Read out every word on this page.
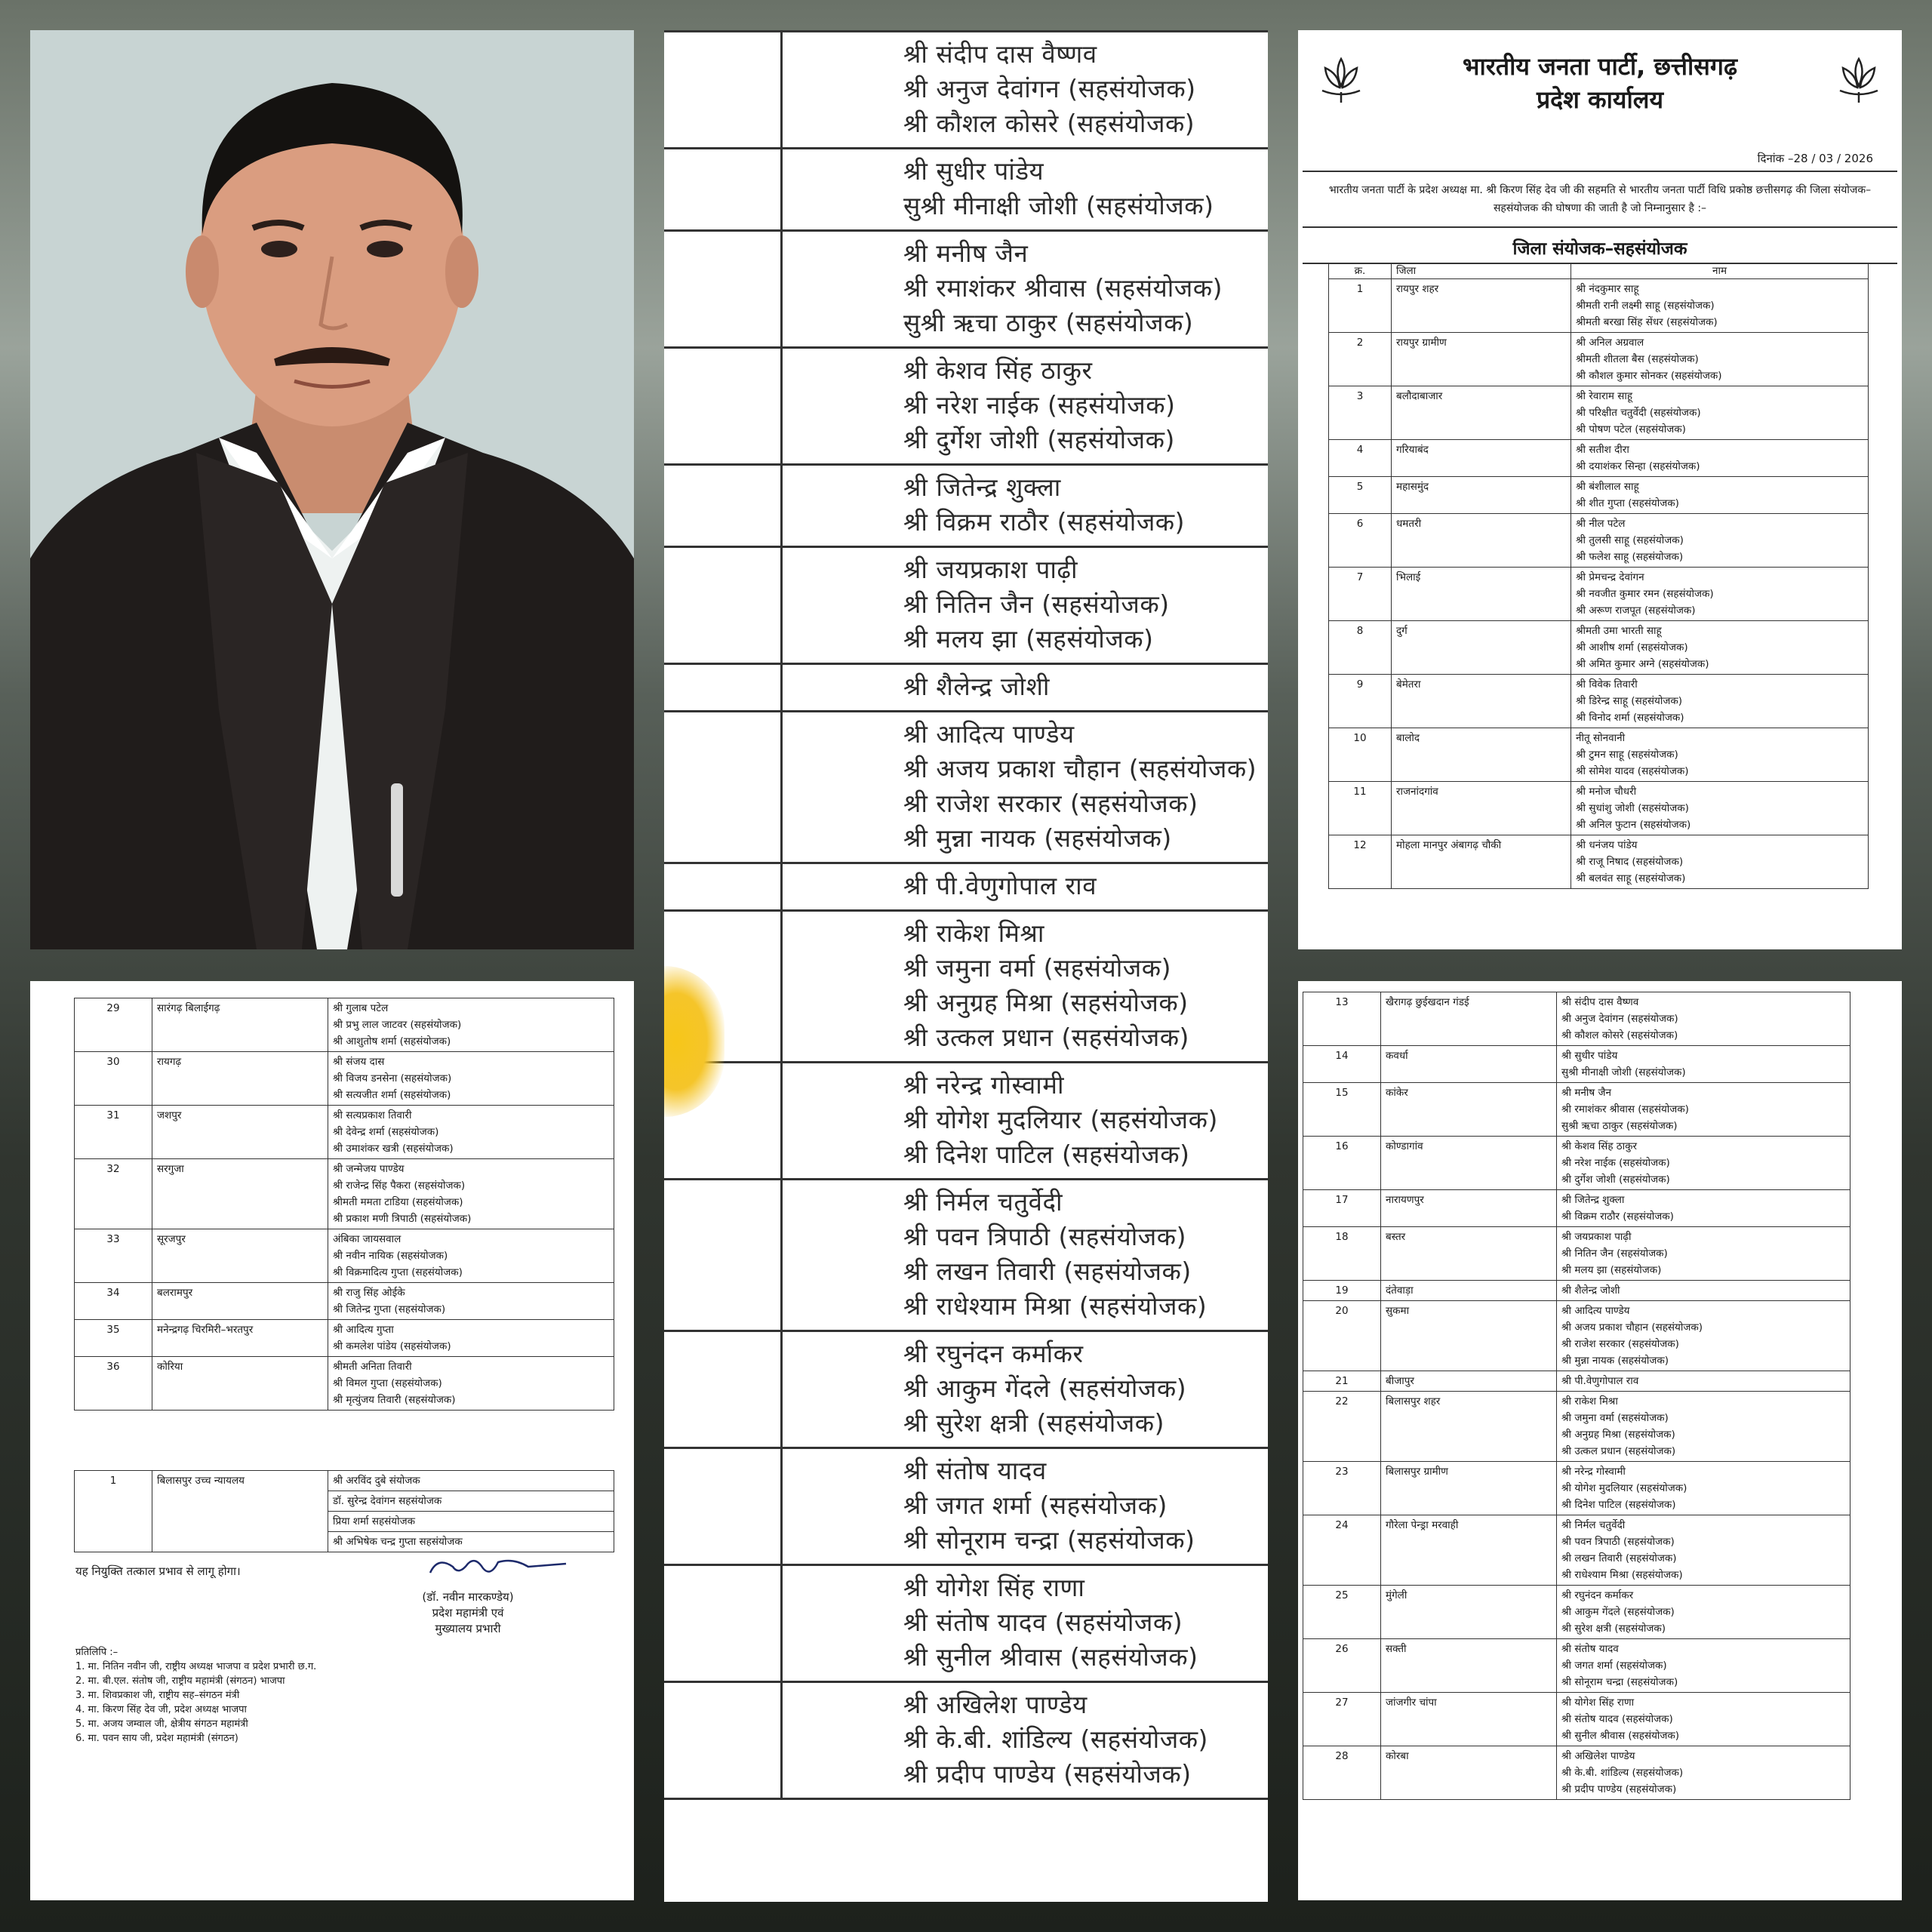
भारतीय जनता पार्टी, छत्तीसगढ़
प्रदेश कार्यालय
दिनांक –28 / 03 / 2026
भारतीय जनता पार्टी के प्रदेश अध्यक्ष मा. श्री किरण सिंह देव जी की सहमति से भारतीय जनता पार्टी विधि प्रकोष्ठ छत्तीसगढ़ की जिला संयोजक–सहसंयोजक की घोषणा की जाती है जो निम्नानुसार है :–
जिला संयोजक–सहसंयोजक
क्र.	जिला	नाम
1	रायपुर शहर	श्री नंदकुमार साहू
श्रीमती रानी लक्ष्मी साहू (सहसंयोजक)
श्रीमती बरखा सिंह सेंधर (सहसंयोजक)

2	रायपुर ग्रामीण	श्री अनिल अग्रवाल
श्रीमती शीतला बैस (सहसंयोजक)
श्री कौशल कुमार सोनकर (सहसंयोजक)

3	बलौदाबाजार	श्री रेवाराम साहू
श्री परिक्षीत चतुर्वेदी (सहसंयोजक)
श्री पोषण पटेल (सहसंयोजक)

4	गरियाबंद	श्री सतीश दीरा
श्री दयाशंकर सिन्हा (सहसंयोजक)

5	महासमुंद	श्री बंशीलाल साहू
श्री शीत गुप्ता (सहसंयोजक)

6	धमतरी	श्री नील पटेल
श्री तुलसी साहू (सहसंयोजक)
श्री फलेश साहू (सहसंयोजक)

7	भिलाई	श्री प्रेमचन्द्र देवांगन
श्री नवजीत कुमार रमन (सहसंयोजक)
श्री अरूण राजपूत (सहसंयोजक)

8	दुर्ग	श्रीमती उमा भारती साहू
श्री आशीष शर्मा (सहसंयोजक)
श्री अमित कुमार अग्ने (सहसंयोजक)

9	बेमेतरा	श्री विवेक तिवारी
श्री डिरेन्द्र साहू (सहसंयोजक)
श्री विनोद शर्मा (सहसंयोजक)

10	बालोद	नीतू सोनवानी
श्री टुमन साहू (सहसंयोजक)
श्री सोमेश यादव (सहसंयोजक)

11	राजनांदगांव	श्री मनोज चौधरी
श्री सुधांशु जोशी (सहसंयोजक)
श्री अनिल फुटान (सहसंयोजक)

12	मोहला मानपुर अंबागढ़ चौकी	श्री धनंजय पांडेय
श्री राजू निषाद (सहसंयोजक)
श्री बलवंत साहू (सहसंयोजक)

	श्री संदीप दास वैष्णव
श्री अनुज देवांगन (सहसंयोजक)
श्री कौशल कोसरे (सहसंयोजक)

	श्री सुधीर पांडेय
सुश्री मीनाक्षी जोशी (सहसंयोजक)

	श्री मनीष जैन
श्री रमाशंकर श्रीवास (सहसंयोजक)
सुश्री ऋचा ठाकुर (सहसंयोजक)

	श्री केशव सिंह ठाकुर
श्री नरेश नाईक (सहसंयोजक)
श्री दुर्गेश जोशी (सहसंयोजक)

	श्री जितेन्द्र शुक्ला
श्री विक्रम राठौर (सहसंयोजक)

	श्री जयप्रकाश पाढ़ी
श्री नितिन जैन (सहसंयोजक)
श्री मलय झा (सहसंयोजक)

	श्री शैलेन्द्र जोशी

	श्री आदित्य पाण्डेय
श्री अजय प्रकाश चौहान (सहसंयोजक)
श्री राजेश सरकार (सहसंयोजक)
श्री मुन्ना नायक (सहसंयोजक)

	श्री पी.वेणुगोपाल राव

	श्री राकेश मिश्रा
श्री जमुना वर्मा (सहसंयोजक)
श्री अनुग्रह मिश्रा (सहसंयोजक)
श्री उत्कल प्रधान (सहसंयोजक)

	श्री नरेन्द्र गोस्वामी
श्री योगेश मुदलियार (सहसंयोजक)
श्री दिनेश पाटिल (सहसंयोजक)

	श्री निर्मल चतुर्वेदी
श्री पवन त्रिपाठी (सहसंयोजक)
श्री लखन तिवारी (सहसंयोजक)
श्री राधेश्याम मिश्रा (सहसंयोजक)

	श्री रघुनंदन कर्माकर
श्री आकुम गेंदले (सहसंयोजक)
श्री सुरेश क्षत्री (सहसंयोजक)

	श्री संतोष यादव
श्री जगत शर्मा (सहसंयोजक)
श्री सोनूराम चन्द्रा (सहसंयोजक)

	श्री योगेश सिंह राणा
श्री संतोष यादव (सहसंयोजक)
श्री सुनील श्रीवास (सहसंयोजक)

	श्री अखिलेश पाण्डेय
श्री के.बी. शांडिल्य (सहसंयोजक)
श्री प्रदीप पाण्डेय (सहसंयोजक)
29	सारंगढ़ बिलाईगढ़	श्री गुलाब पटेल
श्री प्रभु लाल जाटवर (सहसंयोजक)
श्री आशुतोष शर्मा (सहसंयोजक)

30	रायगढ़	श्री संजय दास
श्री विजय डनसेना (सहसंयोजक)
श्री सत्यजीत शर्मा (सहसंयोजक)

31	जशपुर	श्री सत्यप्रकाश तिवारी
श्री देवेन्द्र शर्मा (सहसंयोजक)
श्री उमाशंकर खत्री (सहसंयोजक)

32	सरगुजा	श्री जन्मेजय पाण्डेय
श्री राजेन्द्र सिंह पैकरा (सहसंयोजक)
श्रीमती ममता टाडिया (सहसंयोजक)
श्री प्रकाश मणी त्रिपाठी (सहसंयोजक)

33	सूरजपुर	अंबिका जायसवाल
श्री नवीन नायिक (सहसंयोजक)
श्री विक्रमादित्य गुप्ता (सहसंयोजक)

34	बलरामपुर	श्री राजु सिंह ओईके
श्री जितेन्द्र गुप्ता (सहसंयोजक)

35	मनेन्द्रगढ़ चिरमिरी–भरतपुर	श्री आदित्य गुप्ता
श्री कमलेश पांडेय (सहसंयोजक)

36	कोरिया	श्रीमती अनिता तिवारी
श्री विमल गुप्ता (सहसंयोजक)
श्री मृत्युंजय तिवारी (सहसंयोजक)
1	बिलासपुर उच्च न्यायलय	श्री अरविंद दुबे संयोजक
डॉ. सुरेन्द्र देवांगन सहसंयोजक
प्रिया शर्मा सहसंयोजक
श्री अभिषेक चन्द्र गुप्ता सहसंयोजक
यह नियुक्ति तत्काल प्रभाव से लागू होगा।
(डॉ. नवीन मारकण्डेय)
प्रदेश महामंत्री एवं
मुख्यालय प्रभारी
प्रतिलिपि :–
1. मा. नितिन नवीन जी, राष्ट्रीय अध्यक्ष भाजपा व प्रदेश प्रभारी छ.ग.
2. मा. बी.एल. संतोष जी, राष्ट्रीय महामंत्री (संगठन) भाजपा
3. मा. शिवप्रकाश जी, राष्ट्रीय सह–संगठन मंत्री
4. मा. किरण सिंह देव जी, प्रदेश अध्यक्ष भाजपा
5. मा. अजय जम्वाल जी, क्षेत्रीय संगठन महामंत्री
6. मा. पवन साय जी, प्रदेश महामंत्री (संगठन)
13	खैरागढ़ छुईखदान गंडई	श्री संदीप दास वैष्णव
श्री अनुज देवांगन (सहसंयोजक)
श्री कौशल कोसरे (सहसंयोजक)

14	कवर्धा	श्री सुधीर पांडेय
सुश्री मीनाक्षी जोशी (सहसंयोजक)

15	कांकेर	श्री मनीष जैन
श्री रमाशंकर श्रीवास (सहसंयोजक)
सुश्री ऋचा ठाकुर (सहसंयोजक)

16	कोण्डागांव	श्री केशव सिंह ठाकुर
श्री नरेश नाईक (सहसंयोजक)
श्री दुर्गेश जोशी (सहसंयोजक)

17	नारायणपुर	श्री जितेन्द्र शुक्ला
श्री विक्रम राठौर (सहसंयोजक)

18	बस्तर	श्री जयप्रकाश पाढ़ी
श्री नितिन जैन (सहसंयोजक)
श्री मलय झा (सहसंयोजक)

19	दंतेवाड़ा	श्री शैलेन्द्र जोशी

20	सुकमा	श्री आदित्य पाण्डेय
श्री अजय प्रकाश चौहान (सहसंयोजक)
श्री राजेश सरकार (सहसंयोजक)
श्री मुन्ना नायक (सहसंयोजक)

21	बीजापुर	श्री पी.वेणुगोपाल राव

22	बिलासपुर शहर	श्री राकेश मिश्रा
श्री जमुना वर्मा (सहसंयोजक)
श्री अनुग्रह मिश्रा (सहसंयोजक)
श्री उत्कल प्रधान (सहसंयोजक)

23	बिलासपुर ग्रामीण	श्री नरेन्द्र गोस्वामी
श्री योगेश मुदलियार (सहसंयोजक)
श्री दिनेश पाटिल (सहसंयोजक)

24	गौरेला पेन्ड्रा मरवाही	श्री निर्मल चतुर्वेदी
श्री पवन त्रिपाठी (सहसंयोजक)
श्री लखन तिवारी (सहसंयोजक)
श्री राधेश्याम मिश्रा (सहसंयोजक)

25	मुंगेली	श्री रघुनंदन कर्माकर
श्री आकुम गेंदले (सहसंयोजक)
श्री सुरेश क्षत्री (सहसंयोजक)

26	सक्ती	श्री संतोष यादव
श्री जगत शर्मा (सहसंयोजक)
श्री सोनूराम चन्द्रा (सहसंयोजक)

27	जांजगीर चांपा	श्री योगेश सिंह राणा
श्री संतोष यादव (सहसंयोजक)
श्री सुनील श्रीवास (सहसंयोजक)

28	कोरबा	श्री अखिलेश पाण्डेय
श्री के.बी. शांडिल्य (सहसंयोजक)
श्री प्रदीप पाण्डेय (सहसंयोजक)
